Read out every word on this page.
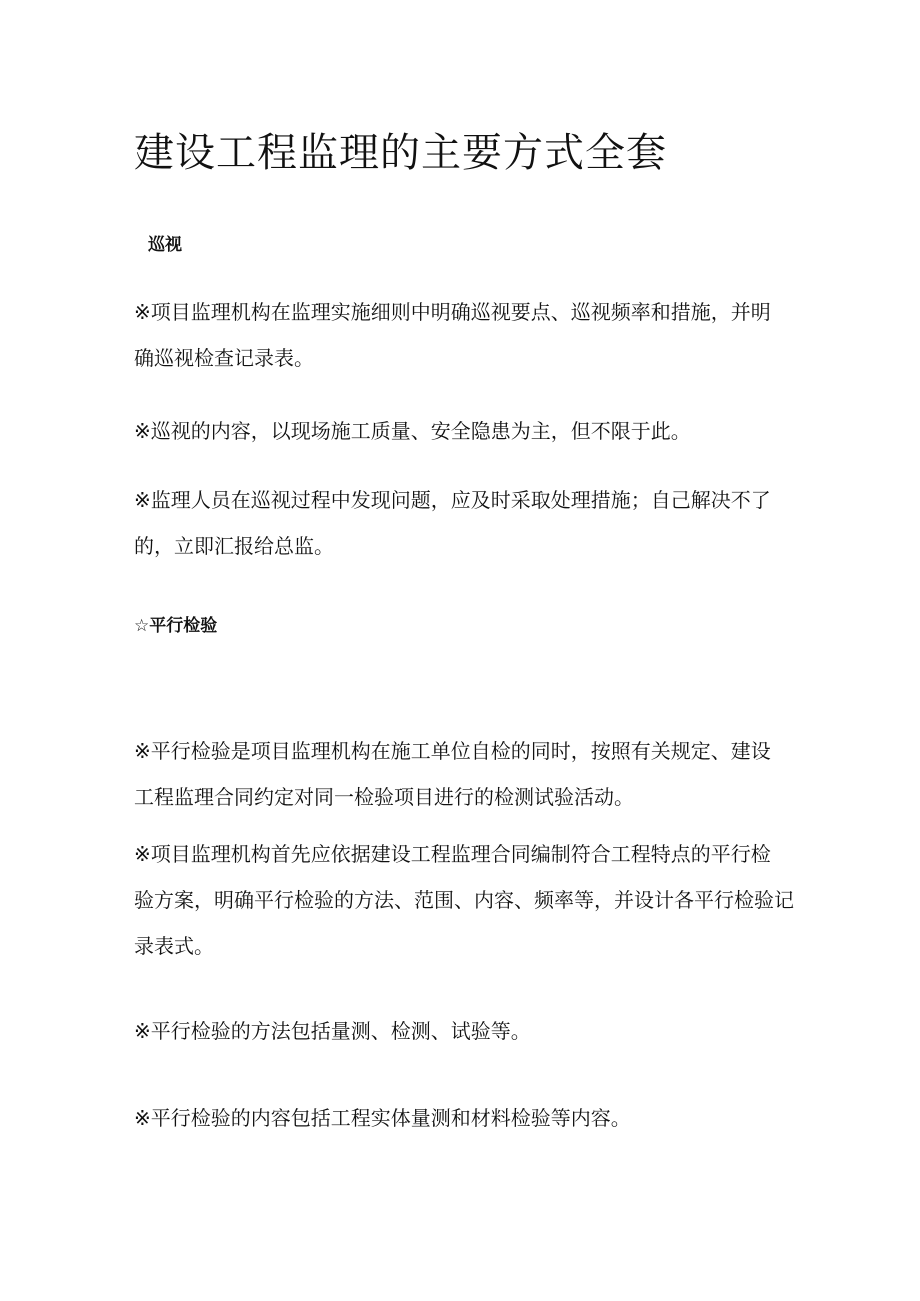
建设工程监理的主要方式全套
巡视

※项目监理机构在监理实施细则中明确巡视要点、巡视频率和措施，并明
确巡视检查记录表。

※巡视的内容，以现场施工质量、安全隐患为主，但不限于此。

※监理人员在巡视过程中发现问题，应及时采取处理措施；自己解决不了
的，立即汇报给总监。

☆平行检验

※平行检验是项目监理机构在施工单位自检的同时，按照有关规定、建设
工程监理合同约定对同一检验项目进行的检测试验活动。

※项目监理机构首先应依据建设工程监理合同编制符合工程特点的平行检
验方案，明确平行检验的方法、范围、内容、频率等，并设计各平行检验记
录表式。

※平行检验的方法包括量测、检测、试验等。

※平行检验的内容包括工程实体量测和材料检验等内容。
